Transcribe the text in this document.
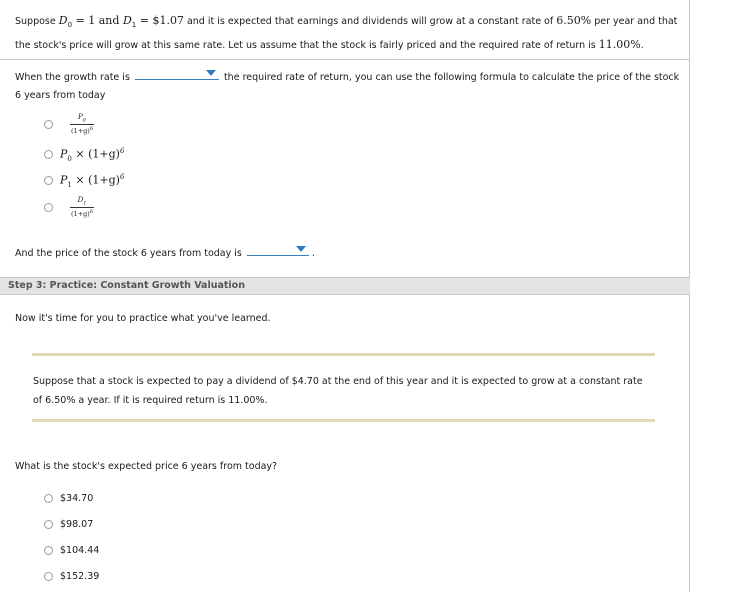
Suppose $D_0 = 1$ and $D_1$ = $1.07 and it is expected that earnings and dividends will grow at a constant rate of 6.50% per year and that the stock's price will grow at this same rate. Let us assume that the stock is fairly priced and the required rate of return is 11.00%.
When the growth rate is	the required rate of return, you can use the following formula to calculate the price of the stock 6 years from today
$\frac{P_0}{(1+g)^6}$
$P_0 \times (1+g)^6$
$P_1 \times (1+g)^6$
$\frac{D_1}{(1+g)^6}$
And the price of the stock 6 years from today is	.
Step 3: Practice: Constant Growth Valuation
Now it's time for you to practice what you've learned.
Suppose that a stock is expected to pay a dividend of $4.70 at the end of this year and it is expected to grow at a constant rate of 6.50% a year. If it is required return is 11.00%.
What is the stock's expected price 6 years from today?
$34.70
$98.07
$104.44
$152.39
